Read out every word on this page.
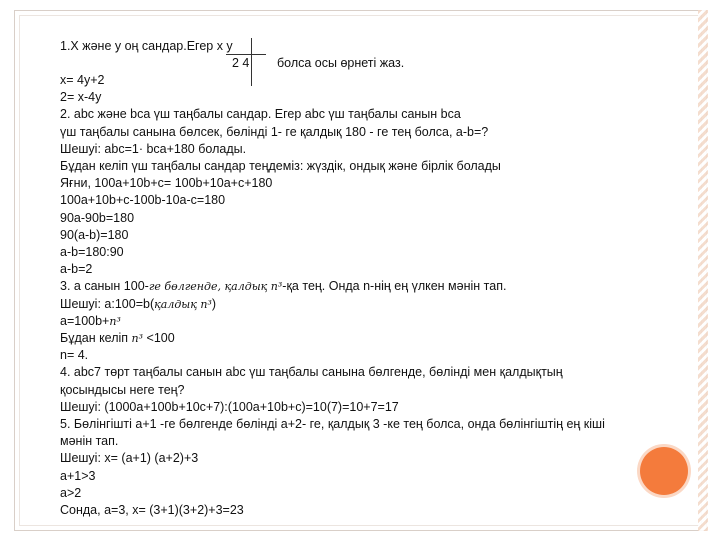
1.X және у оң сандар.Егер x у
2 4 болса осы өрнеті жаз.
x= 4у+2
2= x-4у
2. abc және bca үш таңбалы сандар. Егер abc үш таңбалы санын bca
үш таңбалы санына бөлсек, бөлінді 1- ге қалдық 180 - ге тең болса, a-b=?
Шешуі: abc=1· bca+180 болады.
Бұдан келіп үш таңбалы сандар теңдеміз: жүздік, ондық және бірлік болады
Яғни, 100a+10b+c= 100b+10a+c+180
100a+10b+c-100b-10a-c=180
90a-90b=180
90(a-b)=180
a-b=180:90
a-b=2
3. а санын 100-ге бөлгенде, қалдық n³-қа тең. Онда n-нің ең үлкен мәнін тап.
Шешуі: а:100=b(қалдық n³)
а=100b+n³
Бұдан келіп n³ <100
n= 4.
4. abc7 төрт таңбалы санын abc үш таңбалы санына бөлгенде, бөлінді мен қалдықтың
қосындысы неге тең?
Шешуі: (1000a+100b+10c+7):(100a+10b+c)=10(7)=10+7=17
5. Бөлінгішті а+1 -ге бөлгенде бөлінді а+2- ге, қалдық 3 -ке тең болса, онда бөлінгіштің ең кіші
мәнін тап.
Шешуі: x= (a+1) (a+2)+3
a+1>3
a>2
Сонда, a=3, x= (3+1)(3+2)+3=23
